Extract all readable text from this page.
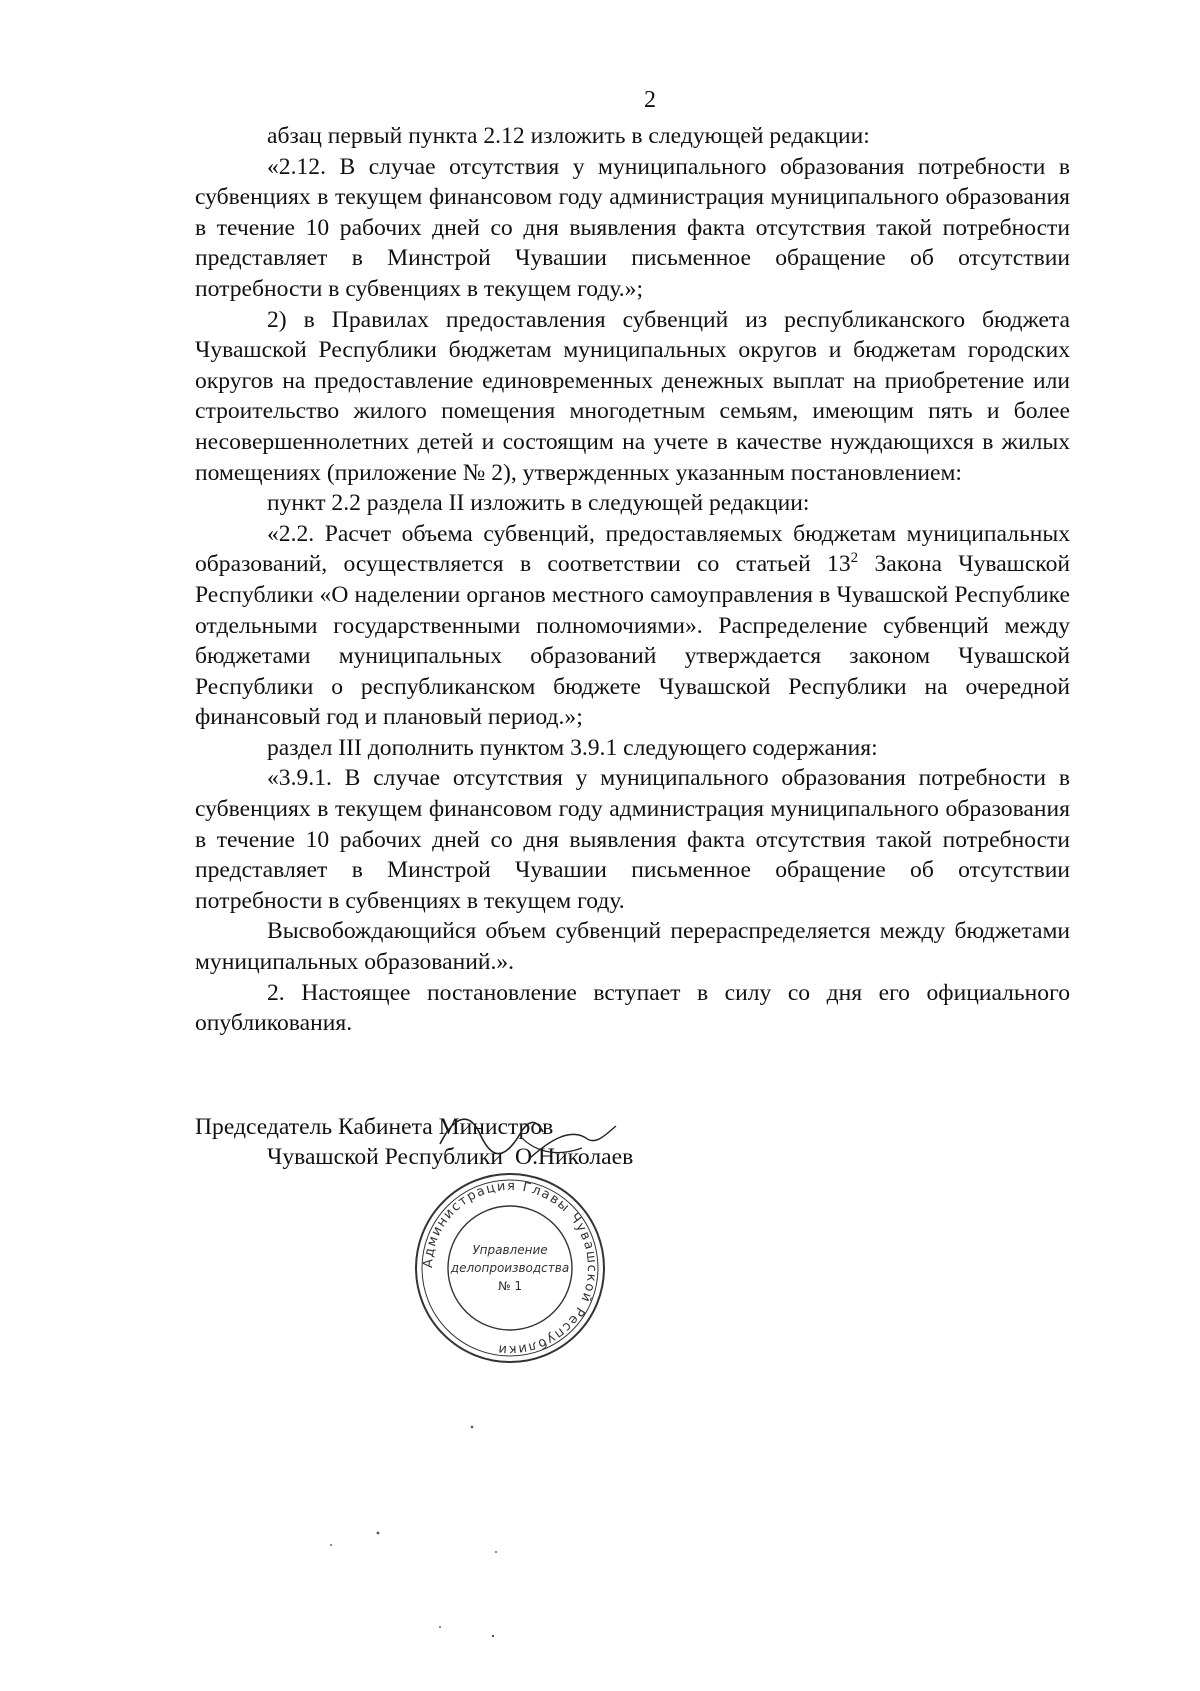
2

абзац первый пункта 2.12 изложить в следующей редакции:

«2.12. В случае отсутствия у муниципального образования потребности в субвенциях в текущем финансовом году администрация муниципального образования в течение 10 рабочих дней со дня выявления факта отсутствия такой потребности представляет в Минстрой Чувашии письменное обращение об отсутствии потребности в субвенциях в текущем году.»;

2) в Правилах предоставления субвенций из республиканского бюджета Чувашской Республики бюджетам муниципальных округов и бюджетам городских округов на предоставление единовременных денежных выплат на приобретение или строительство жилого помещения многодетным семьям, имеющим пять и более несовершеннолетних детей и состоящим на учете в качестве нуждающихся в жилых помещениях (приложение № 2), утвержденных указанным постановлением:

пункт 2.2 раздела II изложить в следующей редакции:

«2.2. Расчет объема субвенций, предоставляемых бюджетам муниципальных образований, осуществляется в соответствии со статьей $13^2$ Закона Чувашской Республики «О наделении органов местного самоуправления в Чувашской Республике отдельными государственными полномочиями». Распределение субвенций между бюджетами муниципальных образований утверждается законом Чувашской Республики о республиканском бюджете Чувашской Республики на очередной финансовый год и плановый период.»;

раздел III дополнить пунктом 3.9.1 следующего содержания:

«3.9.1. В случае отсутствия у муниципального образования потребности в субвенциях в текущем финансовом году администрация муниципального образования в течение 10 рабочих дней со дня выявления факта отсутствия такой потребности представляет в Минстрой Чувашии письменное обращение об отсутствии потребности в субвенциях в текущем году.

Высвобождающийся объем субвенций перераспределяется между бюджетами муниципальных образований.».

2. Настоящее постановление вступает в силу со дня его официального опубликования.

Председатель Кабинета Министров
Чувашской Республики О.Николаев
Администрация Главы Чувашской Республики
Управление
делопроизводства
№ 1
